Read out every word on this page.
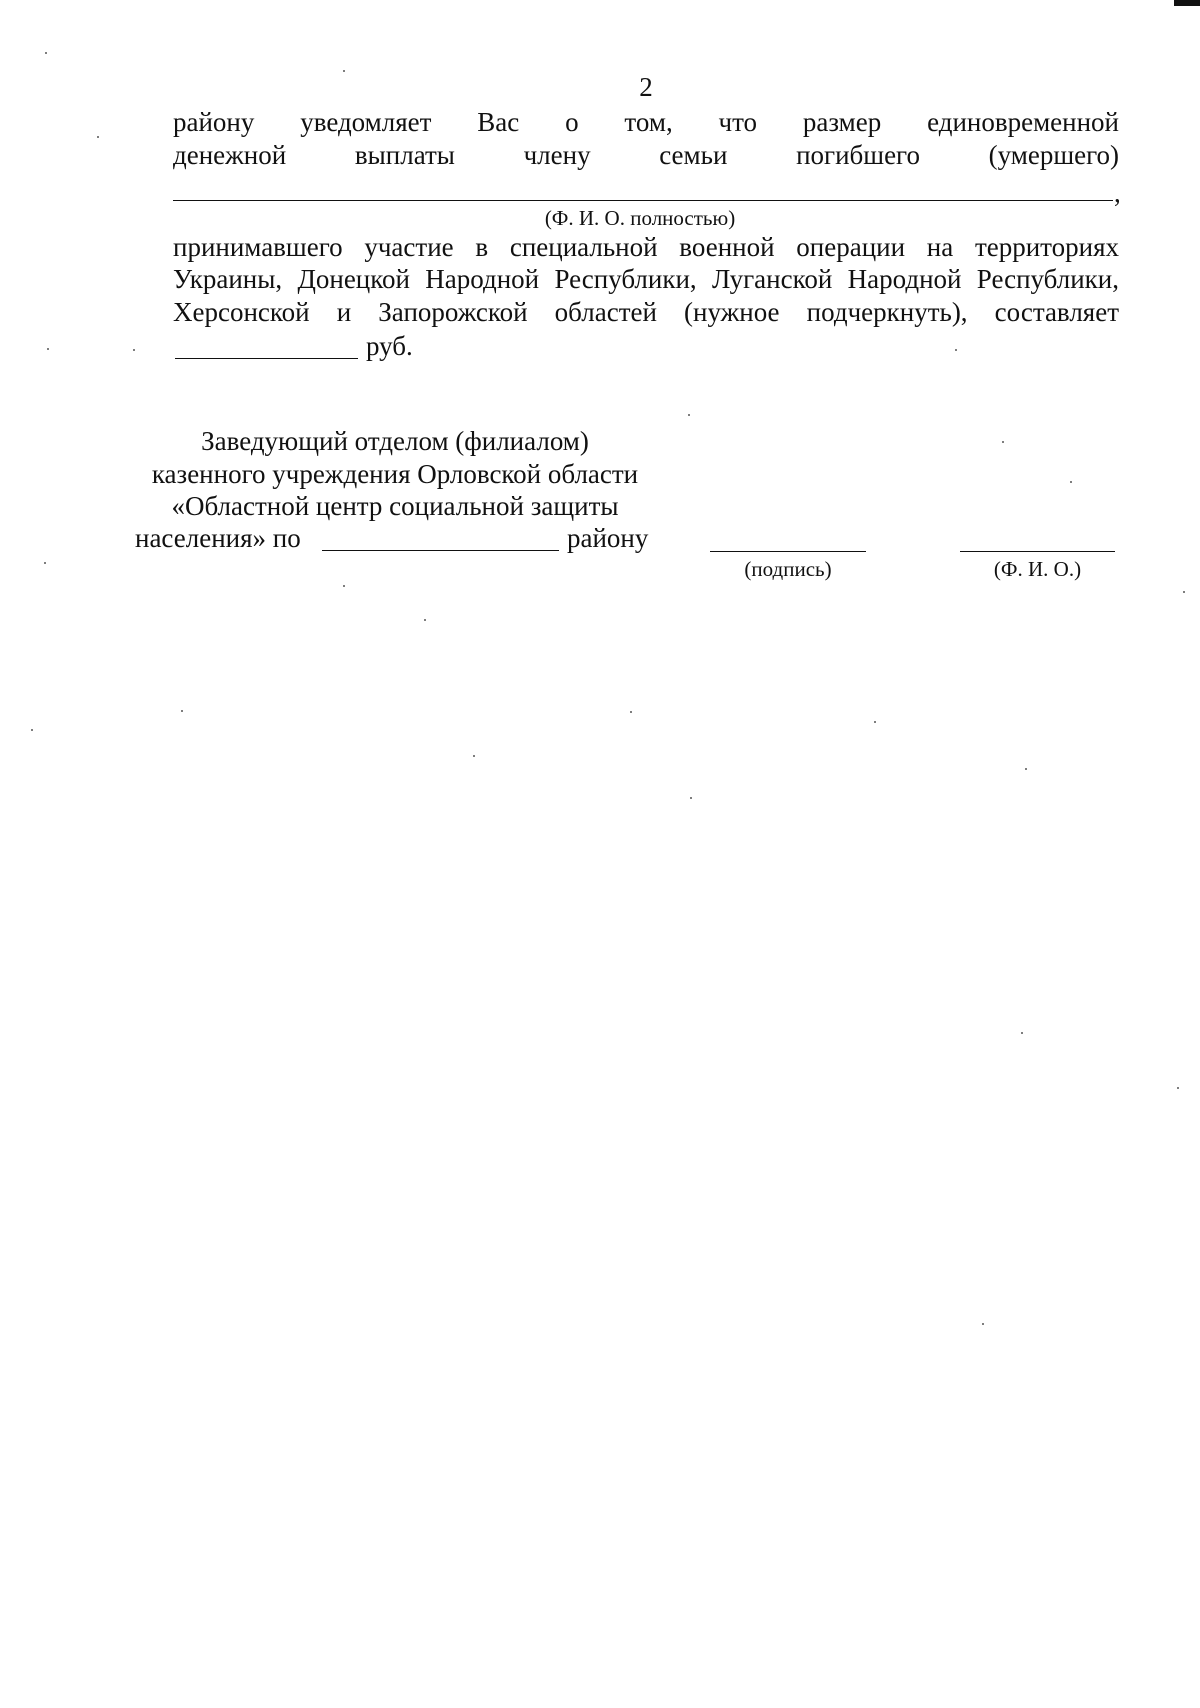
2
району уведомляет Вас о том, что размер единовременной
денежной выплаты члену семьи погибшего (умершего)
,
(Ф. И. О. полностью)
принимавшего участие в специальной военной операции на территориях
Украины, Донецкой Народной Республики, Луганской Народной Республики,
Херсонской и Запорожской областей (нужное подчеркнуть), составляет
руб.
Заведующий отделом (филиалом)
казенного учреждения Орловской области
«Областной центр социальной защиты
населения» по	району
(подпись)	(Ф. И. О.)
